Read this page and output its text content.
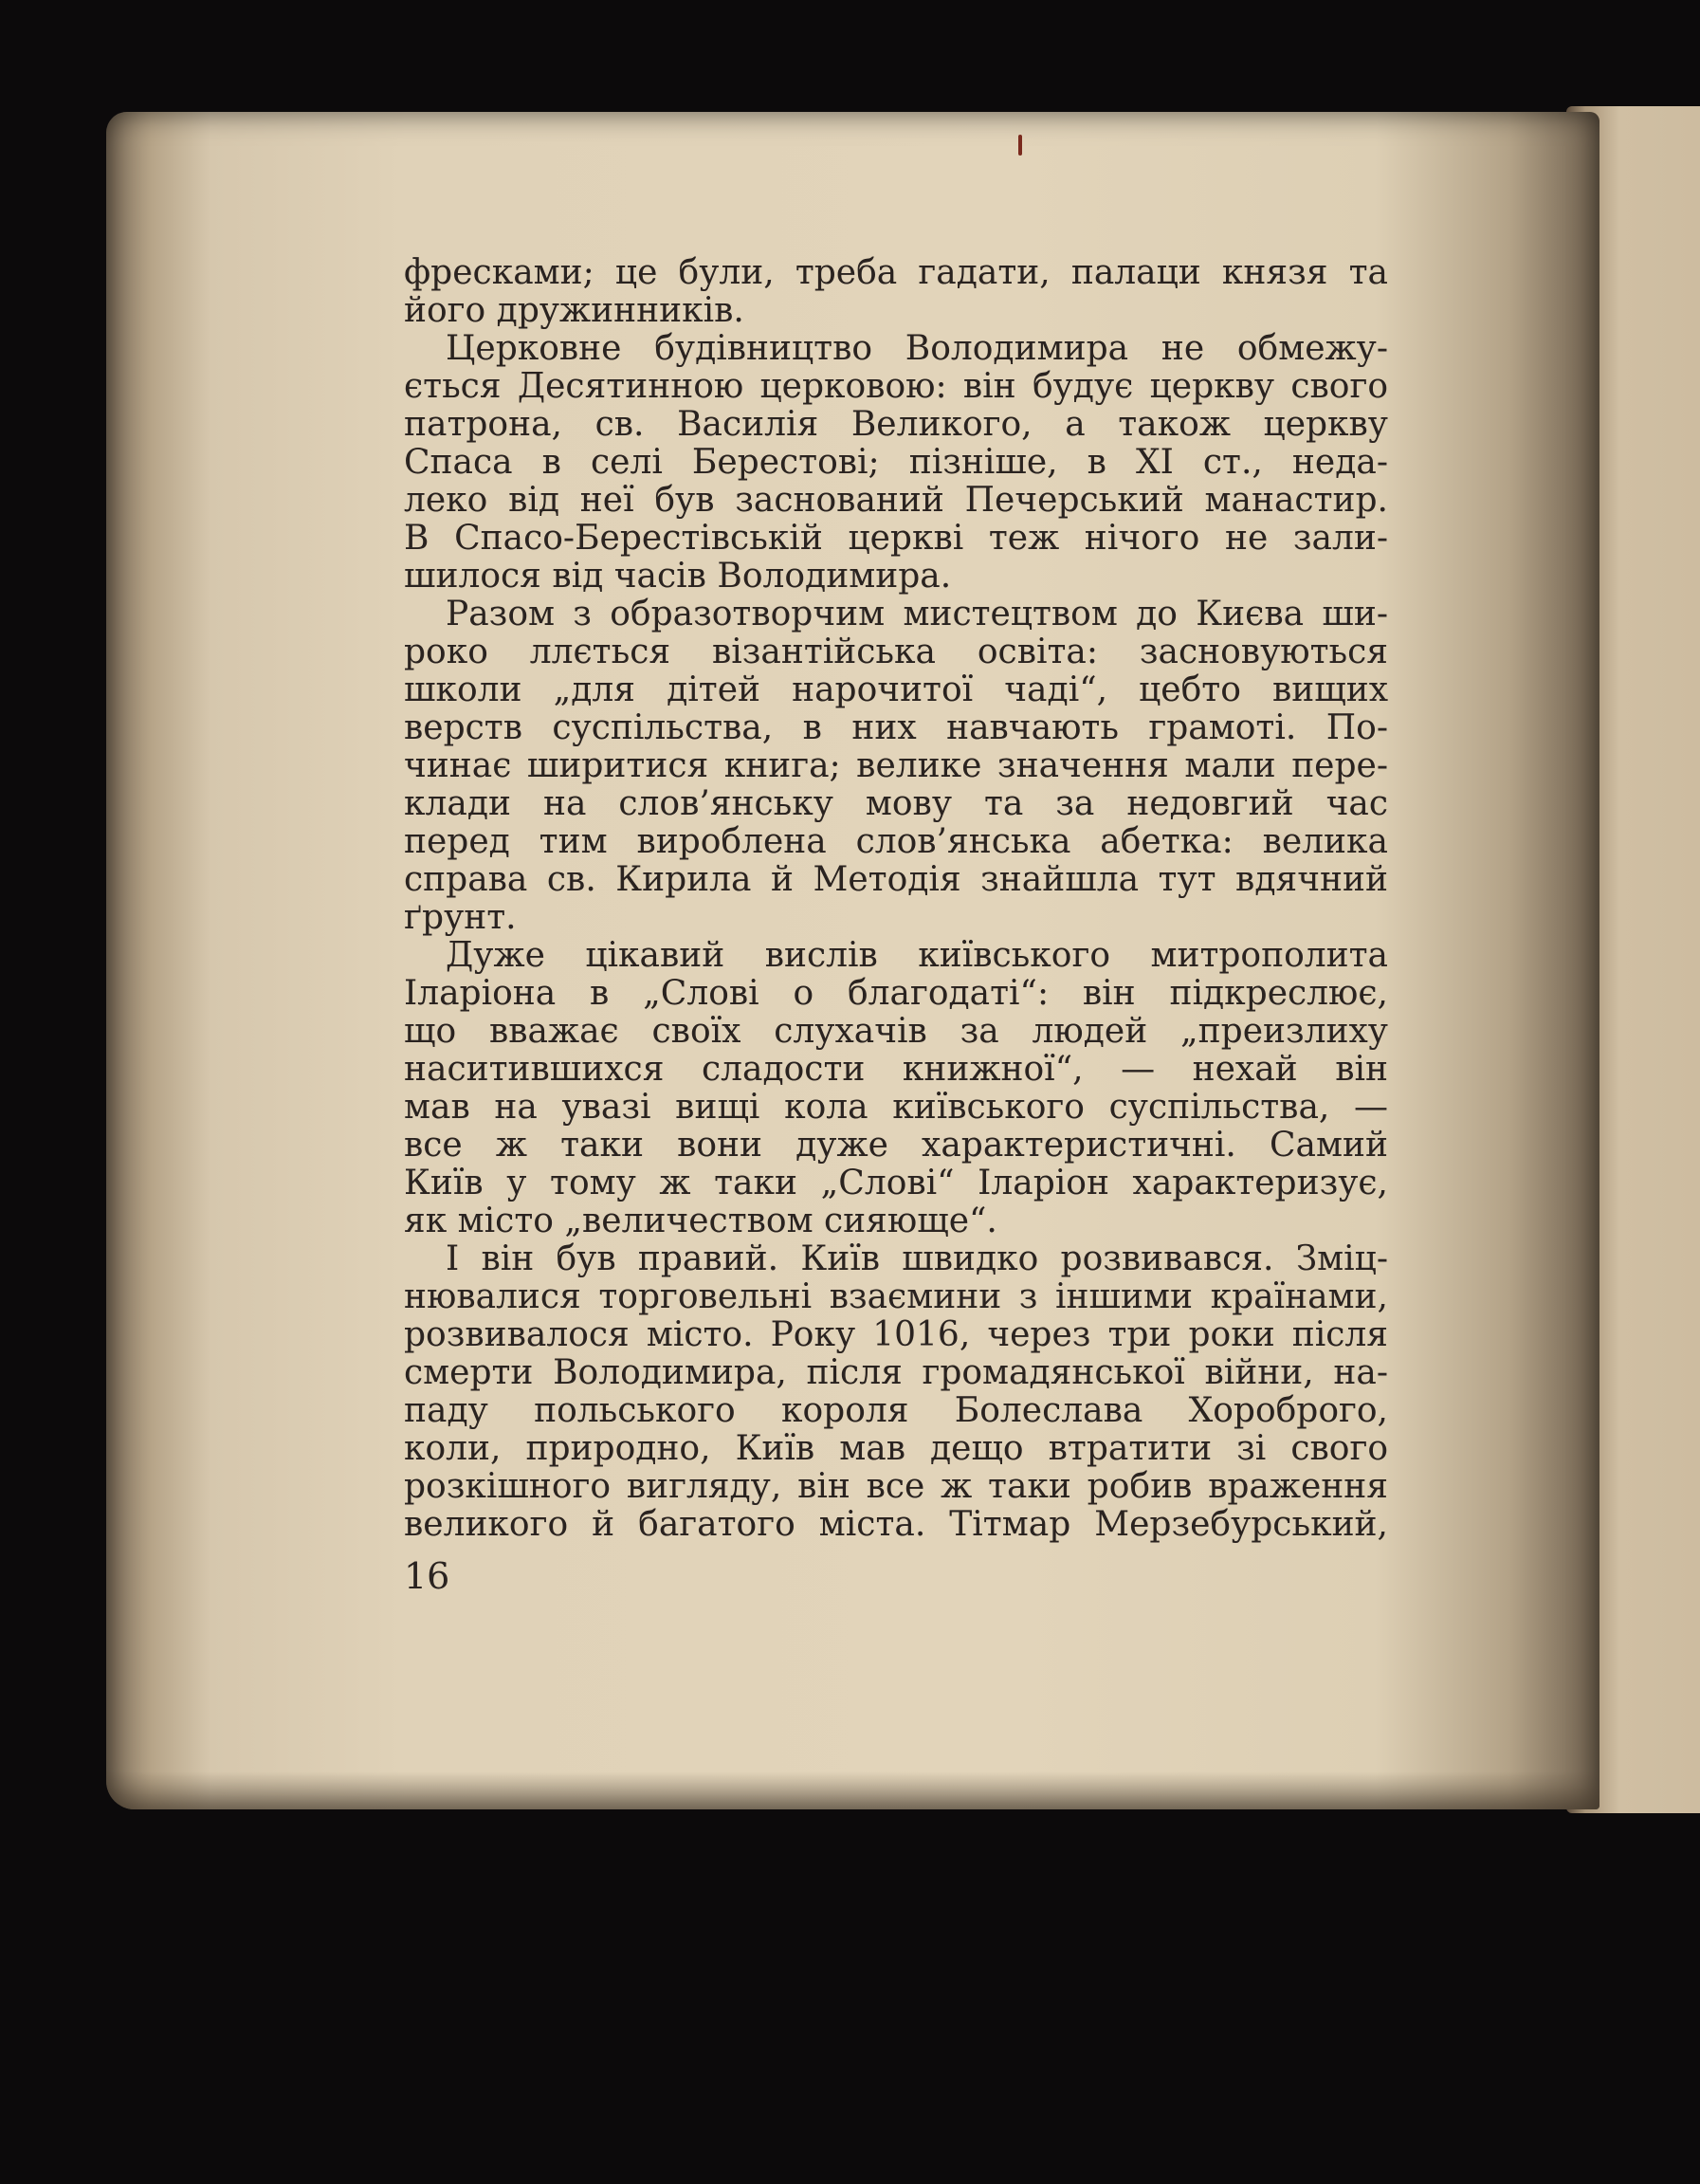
фресками; це були, треба гадати, палаци князя та
його дружинників.
Церковне будівництво Володимира не обмежу-
ється Десятинною церковою: він будує церкву свого
патрона, св. Василія Великого, а також церкву
Спаса в селі Берестові; пізніше, в XI ст., неда-
леко від неї був заснований Печерський манастир.
В Спасо-Берестівській церкві теж нічого не зали-
шилося від часів Володимира.
Разом з образотворчим мистецтвом до Києва ши-
роко ллється візантійська освіта: засновуються
школи „для дітей нарочитої чаді“, цебто вищих
верств суспільства, в них навчають грамоті. По-
чинає ширитися книга; велике значення мали пере-
клади на слов’янську мову та за недовгий час
перед тим вироблена слов’янська абетка: велика
справа св. Кирила й Методія знайшла тут вдячний
ґрунт.
Дуже цікавий вислів київського митрополита
Іларіона в „Слові о благодаті“: він підкреслює,
що вважає своїх слухачів за людей „преизлиху
наситившихся сладости книжної“, — нехай він
мав на увазі вищі кола київського суспільства, —
все ж таки вони дуже характеристичні. Самий
Київ у тому ж таки „Слові“ Іларіон характеризує,
як місто „величеством сияюще“.
І він був правий. Київ швидко розвивався. Змiц-
нювалися торговельні взаємини з іншими країнами,
розвивалося місто. Року 1016, через три роки після
смерти Володимира, після громадянської війни, на-
паду польського короля Болеслава Хороброго,
коли, природно, Київ мав дещо втратити зі свого
розкішного вигляду, він все ж таки робив враження
великого й багатого міста. Тітмар Мерзебурський,
16
